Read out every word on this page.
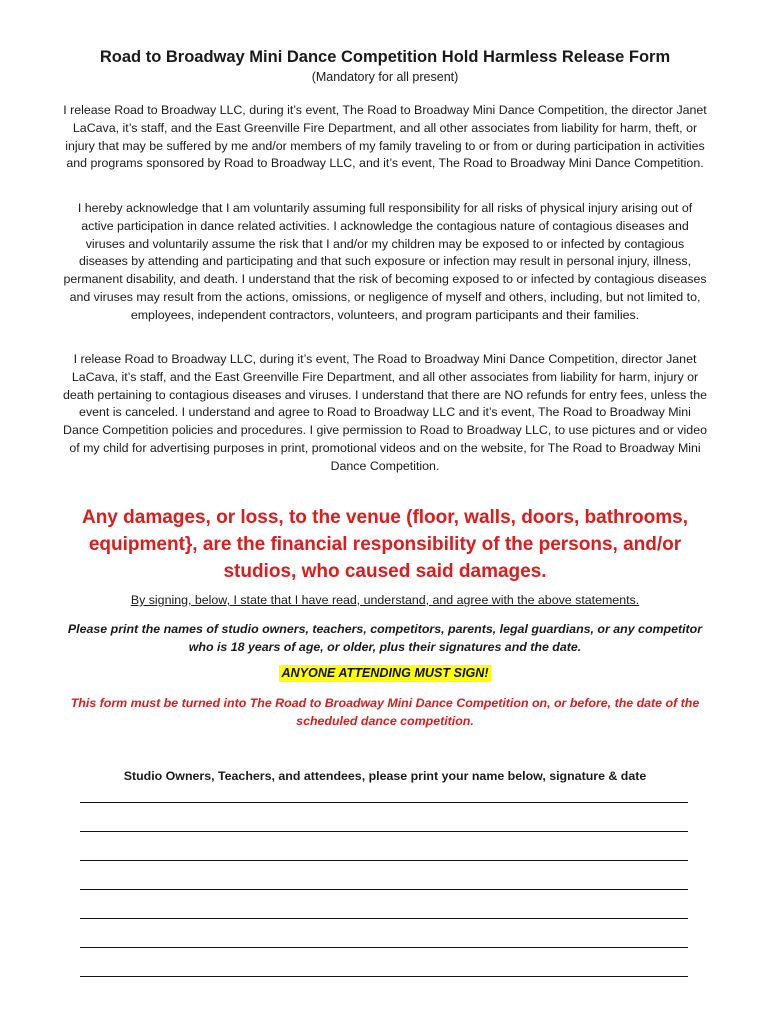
Road to Broadway Mini Dance Competition Hold Harmless Release Form
(Mandatory for all present)

I release Road to Broadway LLC, during it’s event, The Road to Broadway Mini Dance Competition, the director Janet LaCava, it’s staff, and the East Greenville Fire Department, and all other associates from liability for harm, theft, or injury that may be suffered by me and/or members of my family traveling to or from or during participation in activities and programs sponsored by Road to Broadway LLC, and it’s event, The Road to Broadway Mini Dance Competition.

I hereby acknowledge that I am voluntarily assuming full responsibility for all risks of physical injury arising out of active participation in dance related activities. I acknowledge the contagious nature of contagious diseases and viruses and voluntarily assume the risk that I and/or my children may be exposed to or infected by contagious diseases by attending and participating and that such exposure or infection may result in personal injury, illness, permanent disability, and death. I understand that the risk of becoming exposed to or infected by contagious diseases and viruses may result from the actions, omissions, or negligence of myself and others, including, but not limited to, employees, independent contractors, volunteers, and program participants and their families.

I release Road to Broadway LLC, during it’s event, The Road to Broadway Mini Dance Competition, director Janet LaCava, it’s staff, and the East Greenville Fire Department, and all other associates from liability for harm, injury or death pertaining to contagious diseases and viruses. I understand that there are NO refunds for entry fees, unless the event is canceled. I understand and agree to Road to Broadway LLC and it’s event, The Road to Broadway Mini Dance Competition policies and procedures. I give permission to Road to Broadway LLC, to use pictures and or video of my child for advertising purposes in print, promotional videos and on the website, for The Road to Broadway Mini Dance Competition.

Any damages, or loss, to the venue (floor, walls, doors, bathrooms, equipment}, are the financial responsibility of the persons, and/or studios, who caused said damages.

By signing, below, I state that I have read, understand, and agree with the above statements.

Please print the names of studio owners, teachers, competitors, parents, legal guardians, or any competitor who is 18 years of age, or older, plus their signatures and the date.

ANYONE ATTENDING MUST SIGN!

This form must be turned into The Road to Broadway Mini Dance Competition on, or before, the date of the scheduled dance competition.

Studio Owners, Teachers, and attendees, please print your name below, signature & date
